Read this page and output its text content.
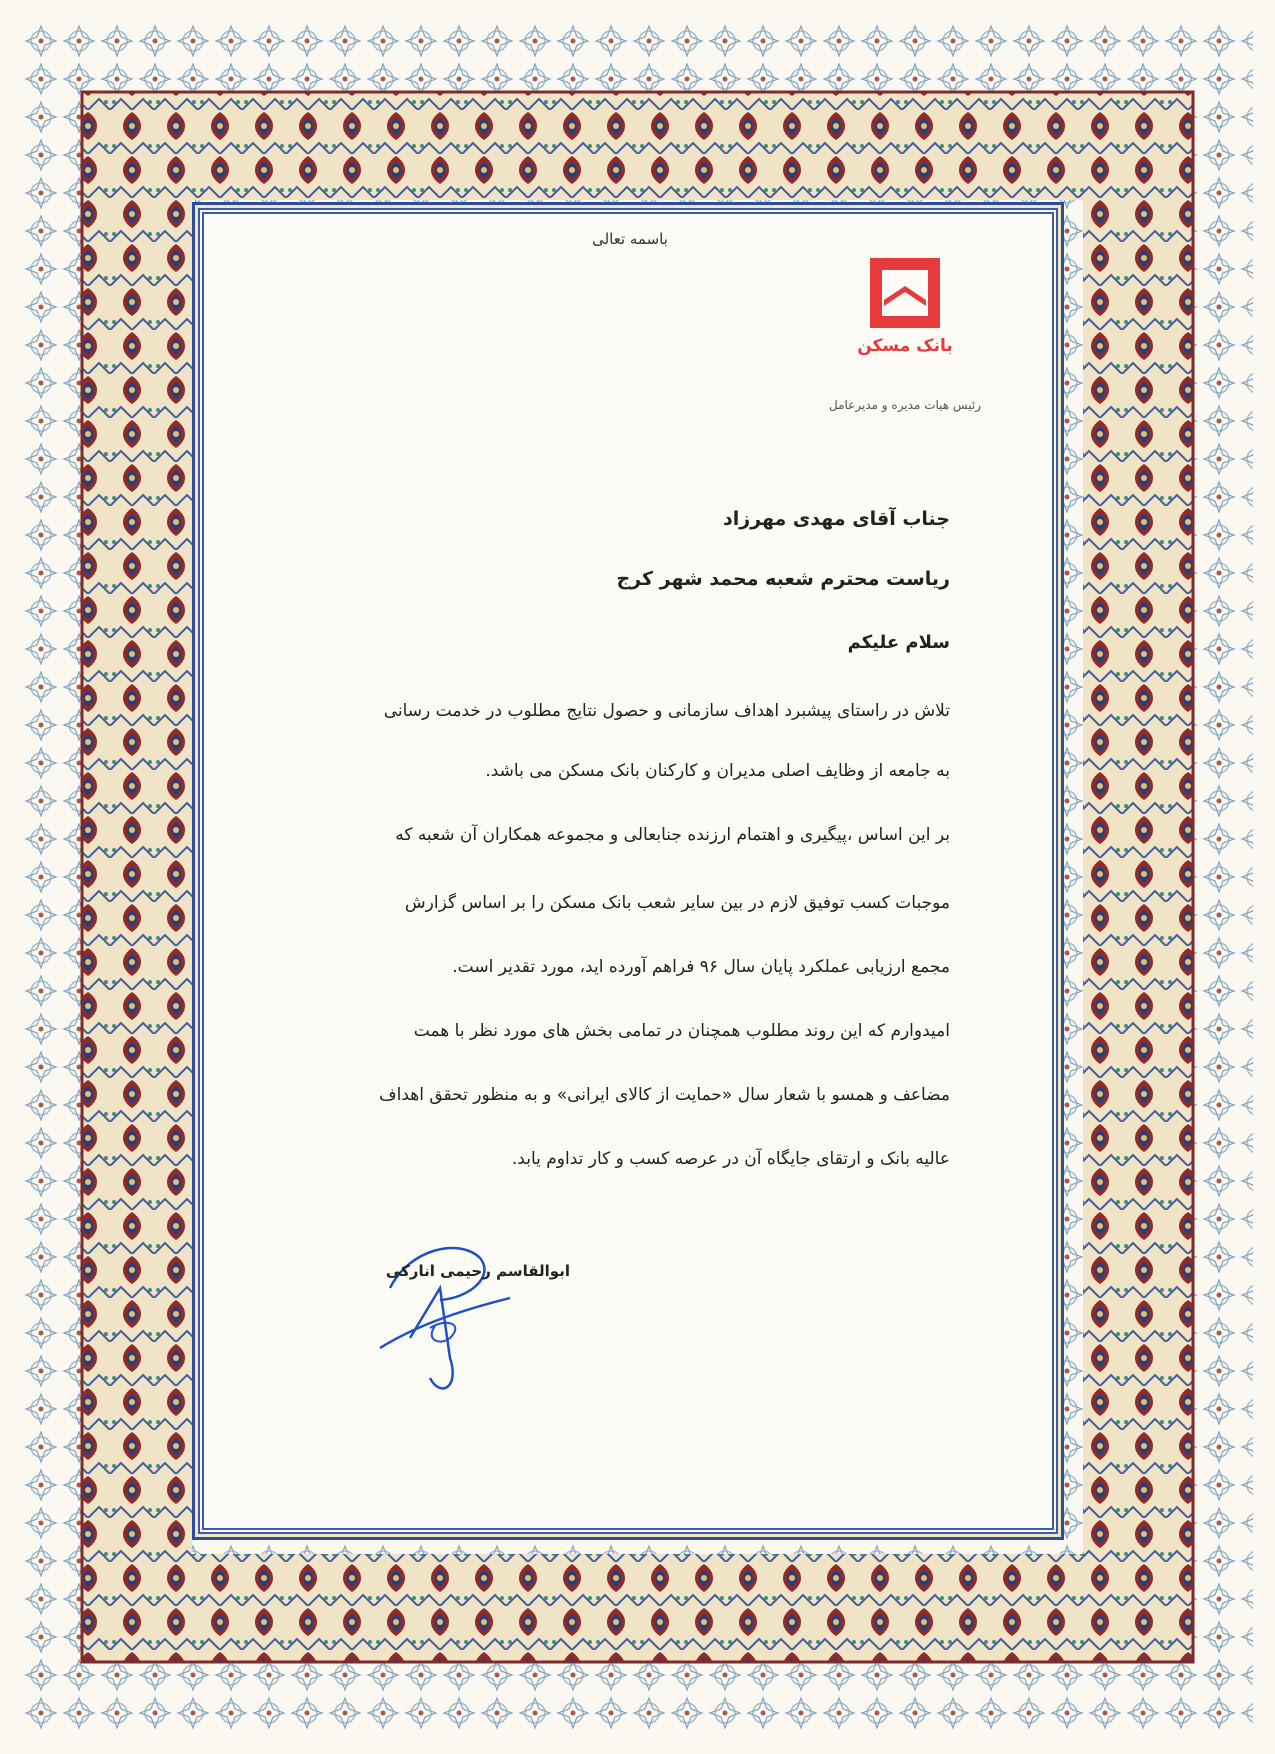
باسمه تعالی
بانک مسکن
رئیس هیات مدیره و مدیرعامل
جناب آقای مهدی مهرزاد
ریاست محترم شعبه محمد شهر کرج
سلام علیکم
تلاش در راستای پیشبرد اهداف سازمانی و حصول نتایج مطلوب در خدمت رسانی
به جامعه از وظایف اصلی مدیران و کارکنان بانک مسکن می باشد.
بر این اساس ،پیگیری و اهتمام ارزنده جنابعالی و مجموعه همکاران آن شعبه که
موجبات کسب توفیق لازم در بین سایر شعب بانک مسکن را بر اساس گزارش
مجمع ارزیابی عملکرد پایان سال ۹۶ فراهم آورده اید، مورد تقدیر است.
امیدوارم که این روند مطلوب همچنان در تمامی بخش های مورد نظر با همت
مضاعف و همسو با شعار سال «حمایت از کالای ایرانی» و به منظور تحقق اهداف
عالیه بانک و ارتقای جایگاه آن در عرصه کسب و کار تداوم یابد.
ابوالقاسم رحیمی انارکی
